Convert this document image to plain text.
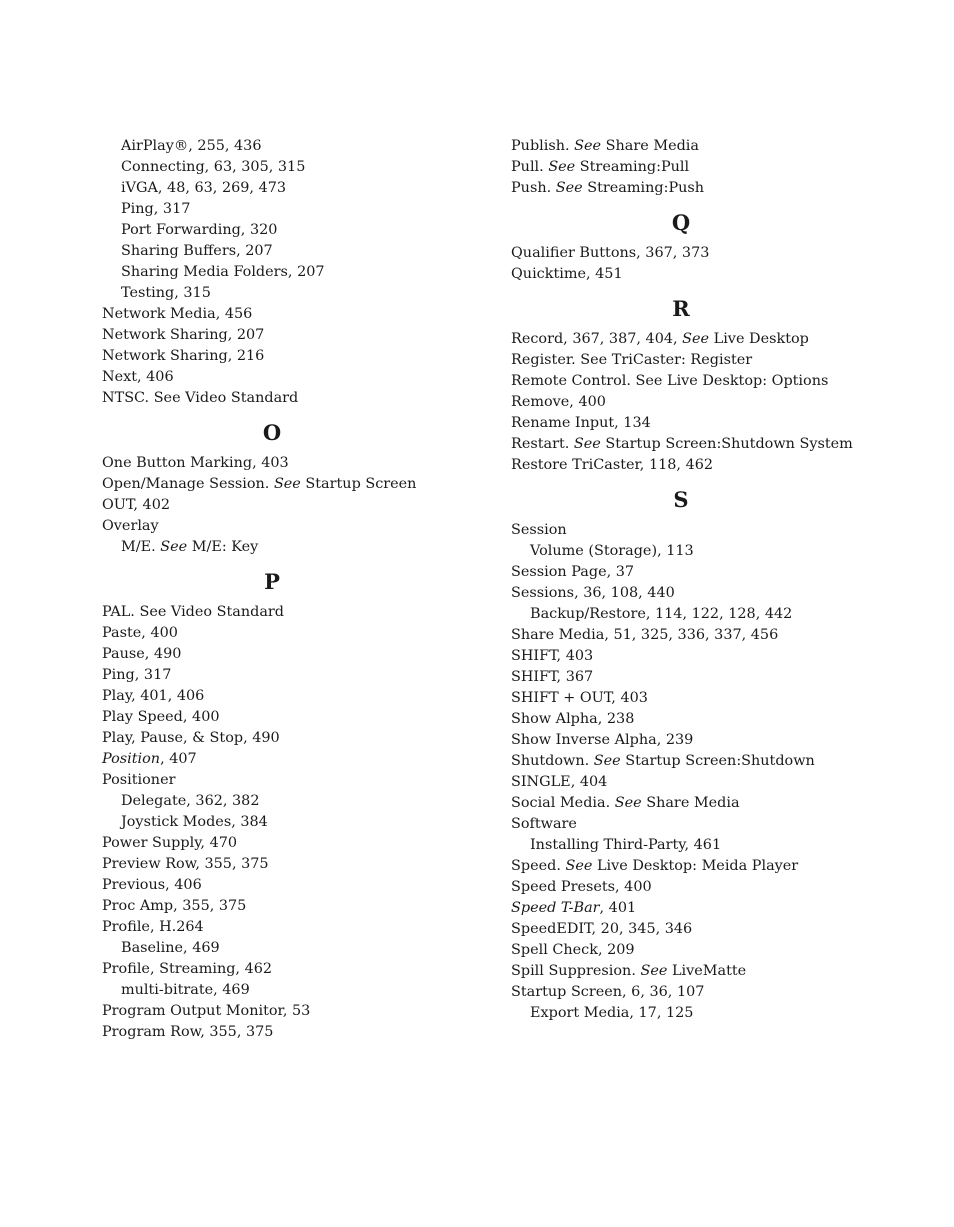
AirPlay®, 255, 436
Connecting, 63, 305, 315
iVGA, 48, 63, 269, 473
Ping, 317
Port Forwarding, 320
Sharing Buffers, 207
Sharing Media Folders, 207
Testing, 315
Network Media, 456
Network Sharing, 207
Network Sharing, 216
Next, 406
NTSC. See Video Standard
O
One Button Marking, 403
Open/Manage Session. See Startup Screen
OUT, 402
Overlay
M/E. See M/E: Key
P
PAL. See Video Standard
Paste, 400
Pause, 490
Ping, 317
Play, 401, 406
Play Speed, 400
Play, Pause, & Stop, 490
Position, 407
Positioner
Delegate, 362, 382
Joystick Modes, 384
Power Supply, 470
Preview Row, 355, 375
Previous, 406
Proc Amp, 355, 375
Profile, H.264
Baseline, 469
Profile, Streaming, 462
multi-bitrate, 469
Program Output Monitor, 53
Program Row, 355, 375
Publish. See Share Media
Pull. See Streaming:Pull
Push. See Streaming:Push
Q
Qualifier Buttons, 367, 373
Quicktime, 451
R
Record, 367, 387, 404, See Live Desktop
Register. See TriCaster: Register
Remote Control. See Live Desktop: Options
Remove, 400
Rename Input, 134
Restart. See Startup Screen:Shutdown System
Restore TriCaster, 118, 462
S
Session
Volume (Storage), 113
Session Page, 37
Sessions, 36, 108, 440
Backup/Restore, 114, 122, 128, 442
Share Media, 51, 325, 336, 337, 456
SHIFT, 403
SHIFT, 367
SHIFT + OUT, 403
Show Alpha, 238
Show Inverse Alpha, 239
Shutdown. See Startup Screen:Shutdown
SINGLE, 404
Social Media. See Share Media
Software
Installing Third-Party, 461
Speed. See Live Desktop: Meida Player
Speed Presets, 400
Speed T-Bar, 401
SpeedEDIT, 20, 345, 346
Spell Check, 209
Spill Suppresion. See LiveMatte
Startup Screen, 6, 36, 107
Export Media, 17, 125
